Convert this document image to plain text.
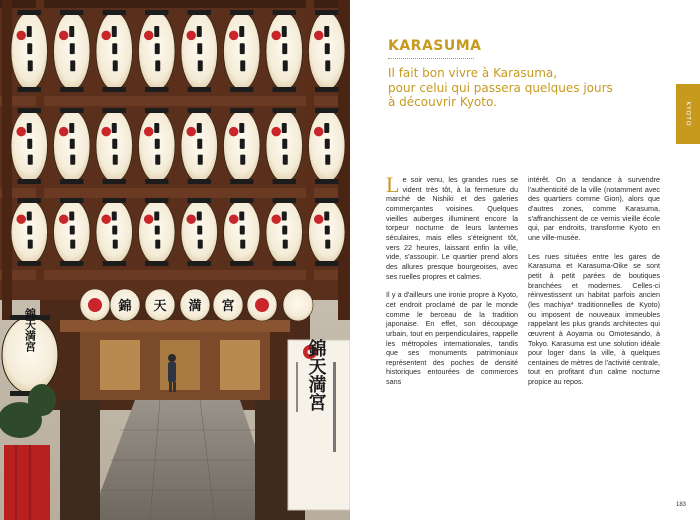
錦 天 満 宮
錦天満宮
錦天満宮
KARASUMA
Il fait bon vivre à Karasuma,
pour celui qui passera quelques jours
à découvrir Kyoto.	KYOTO

Le soir venu, les grandes rues se vident très tôt, à la fermeture du marché de Nishiki et des galeries commerçantes voisines. Quelques vieilles auberges illuminent encore la torpeur nocturne de leurs lanternes séculaires, mais elles s'éteignent tôt, vers 22 heures, laissant enfin la ville, vide, s'assoupir. Le quartier prend alors des allures presque bourgeoises, avec ses ruelles propres et calmes.

Il y a d'ailleurs une ironie propre à Kyoto, cet endroit proclamé de par le monde comme le berceau de la tradition japonaise. En effet, son découpage urbain, tout en perpendiculaires, rappelle les métropoles internationales, tandis que ses monuments patrimoniaux représentent des poches de densité historiques entourées de commerces sans

intérêt. On a tendance à survendre l'authenticité de la ville (notamment avec des quartiers comme Gion), alors que d'autres zones, comme Karasuma, s'affranchissent de ce vernis vieille école qui, par endroits, transforme Kyoto en une ville-musée.

Les rues situées entre les gares de Karasuma et Karasuma-Oike se sont petit à petit parées de boutiques branchées et modernes. Celles-ci réinvestissent un habitat parfois ancien (les machiya* traditionnelles de Kyoto) ou imposent de nouveaux immeubles rappelant les plus grands architectes qui œuvrent à Aoyama ou Omotesando, à Tokyo. Karasuma est une solution idéale pour loger dans la ville, à quelques centaines de mètres de l'activité centrale, tout en profitant d'un calme nocturne propice au repos.

183
